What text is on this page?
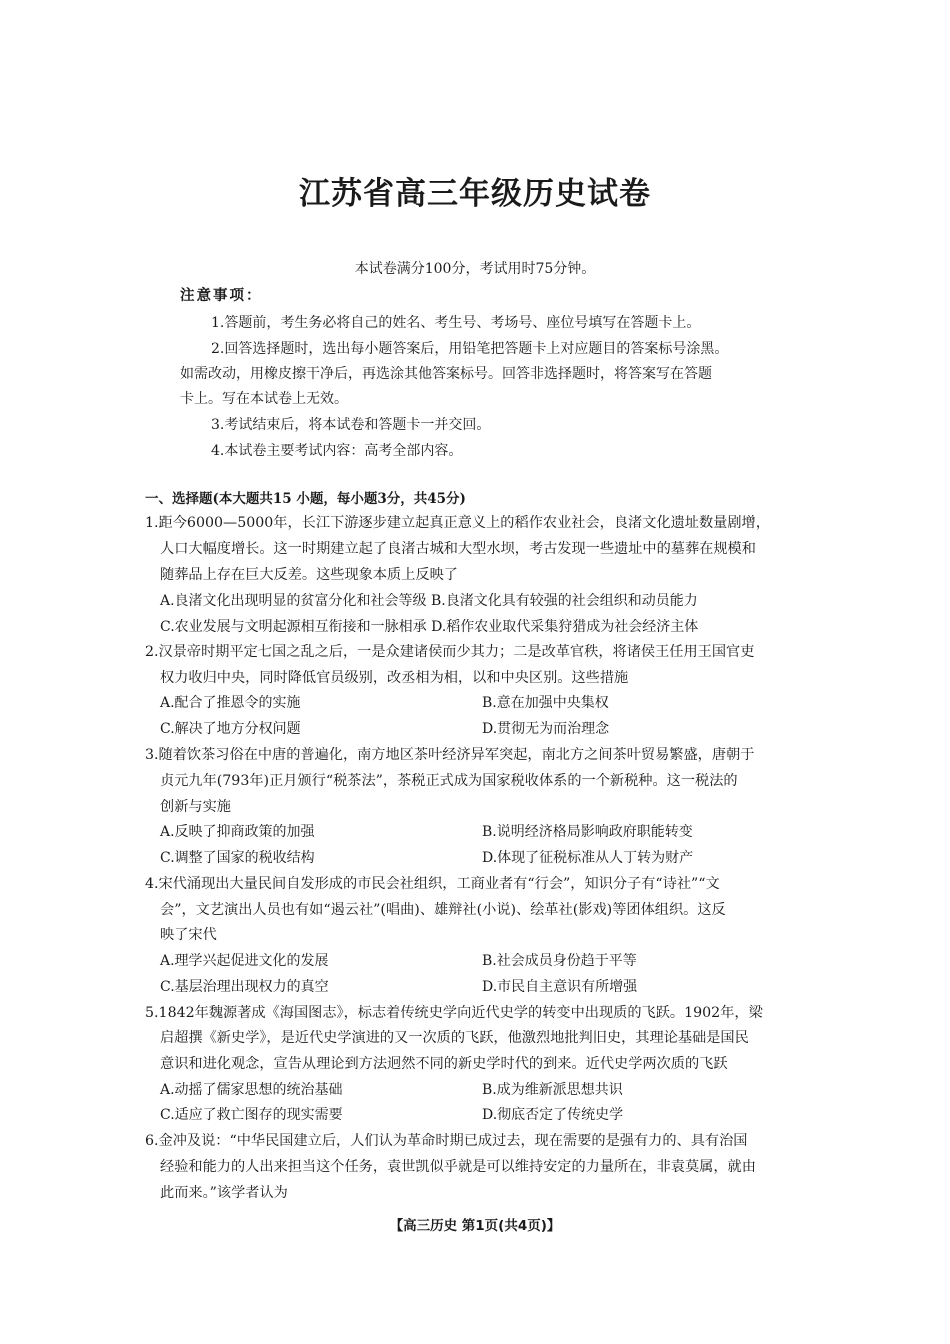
江苏省高三年级历史试卷
本试卷满分100分，考试用时75分钟。
注意事项：
1.答题前，考生务必将自己的姓名、考生号、考场号、座位号填写在答题卡上。
2.回答选择题时，选出每小题答案后，用铅笔把答题卡上对应题目的答案标号涂黑。
如需改动，用橡皮擦干净后，再选涂其他答案标号。回答非选择题时，将答案写在答题
卡上。写在本试卷上无效。
3.考试结束后，将本试卷和答题卡一并交回。
4.本试卷主要考试内容：高考全部内容。
一、选择题(本大题共15 小题，每小题3分，共45分)
1.距今6000—5000年，长江下游逐步建立起真正意义上的稻作农业社会，良渚文化遗址数量剧增，
人口大幅度增长。这一时期建立起了良渚古城和大型水坝，考古发现一些遗址中的墓葬在规模和
随葬品上存在巨大反差。这些现象本质上反映了
A.良渚文化出现明显的贫富分化和社会等级 B.良渚文化具有较强的社会组织和动员能力
C.农业发展与文明起源相互衔接和一脉相承 D.稻作农业取代采集狩猎成为社会经济主体
2.汉景帝时期平定七国之乱之后，一是众建诸侯而少其力；二是改革官秩，将诸侯王任用王国官吏
权力收归中央，同时降低官员级别，改丞相为相，以和中央区别。这些措施
A.配合了推恩令的实施	B.意在加强中央集权
C.解决了地方分权问题	D.贯彻无为而治理念
3.随着饮茶习俗在中唐的普遍化，南方地区茶叶经济异军突起，南北方之间茶叶贸易繁盛，唐朝于
贞元九年(793年)正月颁行“税茶法”，茶税正式成为国家税收体系的一个新税种。这一税法的
创新与实施
A.反映了抑商政策的加强	B.说明经济格局影响政府职能转变
C.调整了国家的税收结构	D.体现了征税标准从人丁转为财产
4.宋代涌现出大量民间自发形成的市民会社组织，工商业者有“行会”，知识分子有“诗社”“文
会”，文艺演出人员也有如“遏云社”(唱曲)、雄辩社(小说)、绘革社(影戏)等团体组织。这反
映了宋代
A.理学兴起促进文化的发展	B.社会成员身份趋于平等
C.基层治理出现权力的真空	D.市民自主意识有所增强
5.1842年魏源著成《海国图志》，标志着传统史学向近代史学的转变中出现质的飞跃。1902年，梁
启超撰《新史学》，是近代史学演进的又一次质的飞跃，他激烈地批判旧史，其理论基础是国民
意识和进化观念，宣告从理论到方法迥然不同的新史学时代的到来。近代史学两次质的飞跃
A.动摇了儒家思想的统治基础	B.成为维新派思想共识
C.适应了救亡图存的现实需要	D.彻底否定了传统史学
6.金冲及说：“中华民国建立后，人们认为革命时期已成过去，现在需要的是强有力的、具有治国
经验和能力的人出来担当这个任务，袁世凯似乎就是可以维持安定的力量所在，非袁莫属，就由
此而来。”该学者认为
【高三历史 第1页(共4页)】
